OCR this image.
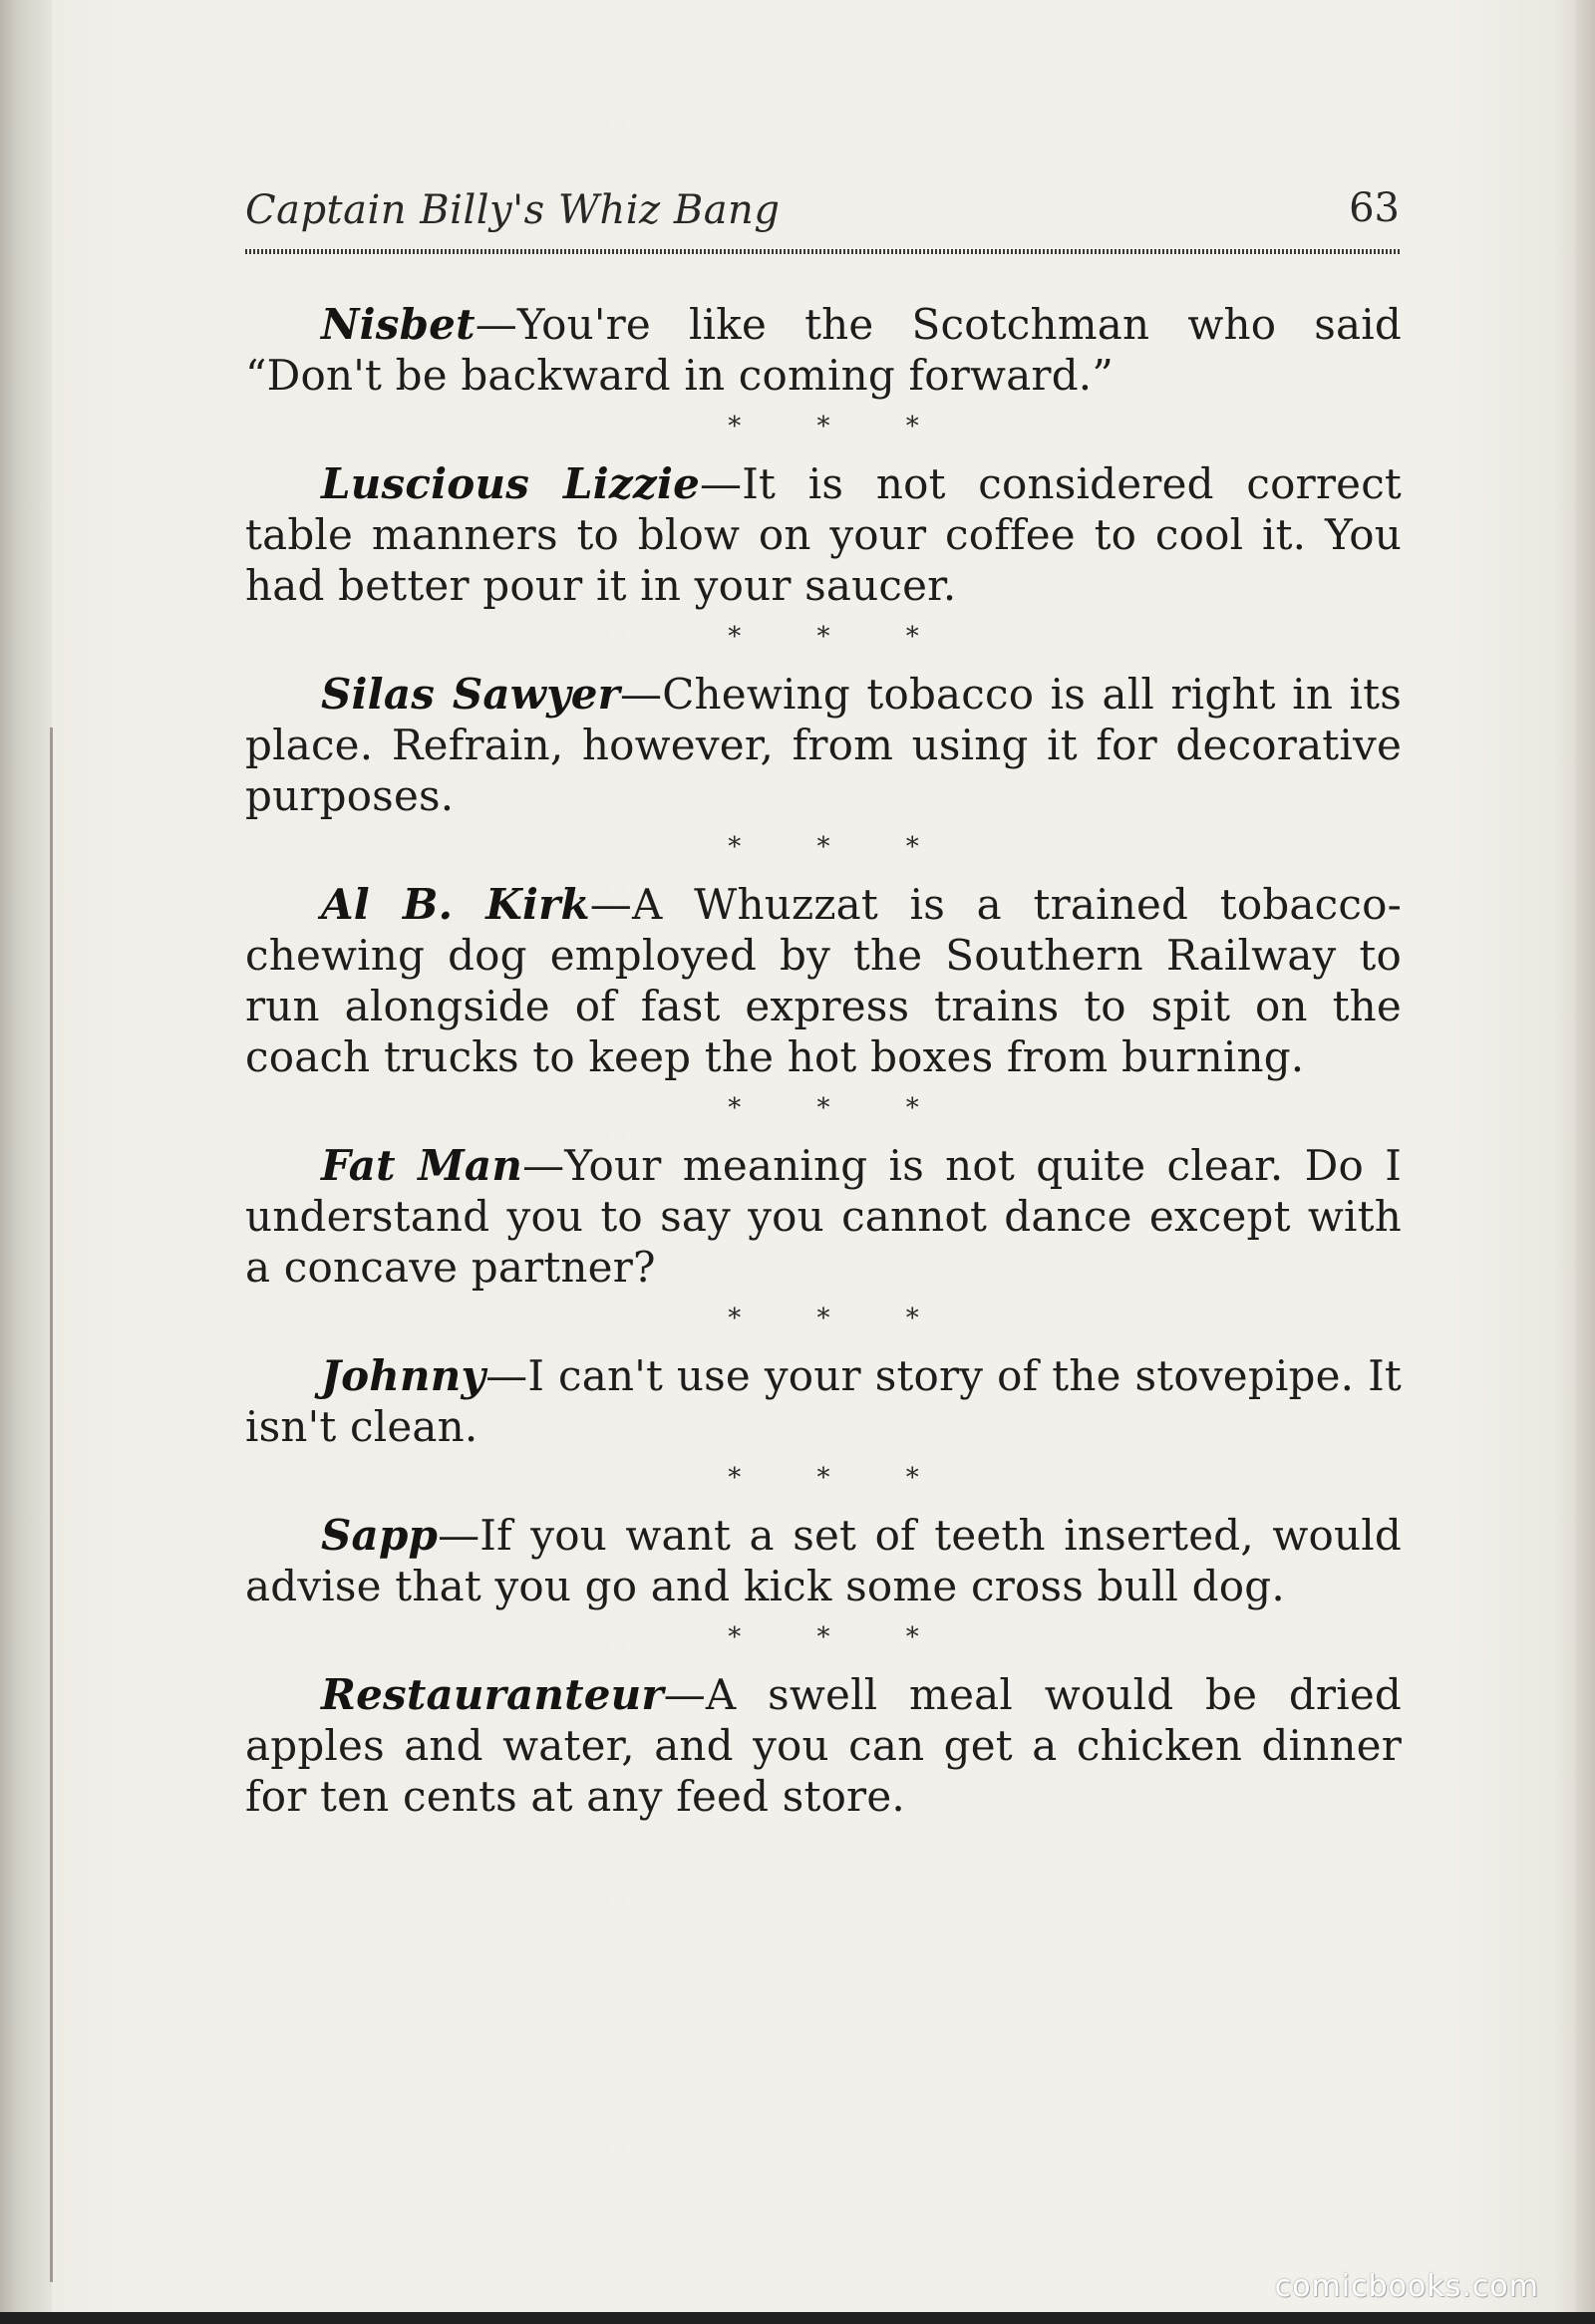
Captain Billy's Whiz Bang	63

Nisbet—You're like the Scotchman who said “Don't be backward in coming forward.”

* * *

Luscious Lizzie—It is not considered correct table manners to blow on your coffee to cool it. You had better pour it in your saucer.

* * *

Silas Sawyer—Chewing tobacco is all right in its place. Refrain, however, from using it for decorative purposes.

* * *

Al B. Kirk—A Whuzzat is a trained tobacco-chewing dog employed by the Southern Railway to run alongside of fast express trains to spit on the coach trucks to keep the hot boxes from burning.

* * *

Fat Man—Your meaning is not quite clear. Do I understand you to say you cannot dance except with a concave partner?

* * *

Johnny—I can't use your story of the stovepipe. It isn't clean.

* * *

Sapp—If you want a set of teeth inserted, would advise that you go and kick some cross bull dog.

* * *

Restauranteur—A swell meal would be dried apples and water, and you can get a chicken dinner for ten cents at any feed store.

comicbooks.com
